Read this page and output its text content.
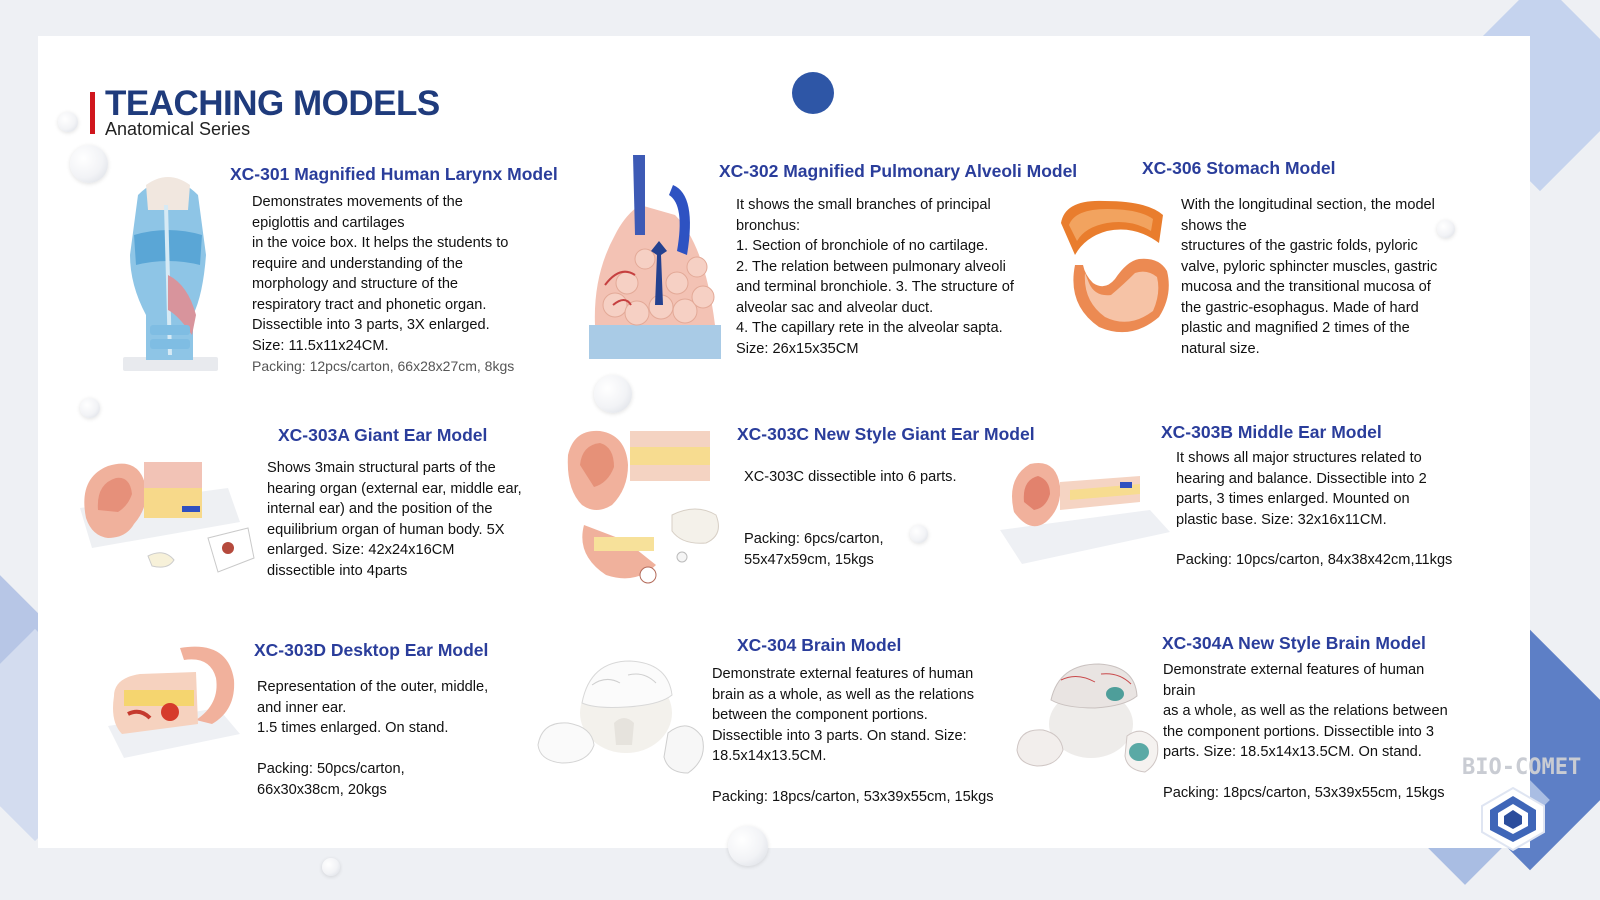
TEACHING MODELS
Anatomical Series
XC-301 Magnified Human Larynx Model
Demonstrates movements of the
epiglottis and cartilages
in the voice box. It helps the students to
require and understanding of the
morphology and structure of the
respiratory tract and phonetic organ.
Dissectible into 3 parts, 3X enlarged.
Size: 11.5x11x24CM.
Packing: 12pcs/carton, 66x28x27cm, 8kgs
XC-302 Magnified Pulmonary Alveoli Model
It shows the small branches of principal
bronchus:
1. Section of bronchiole of no cartilage.
2. The relation between pulmonary alveoli
and terminal bronchiole. 3. The structure of
alveolar sac and alveolar duct.
4. The capillary rete in the alveolar sapta.
Size: 26x15x35CM
XC-306 Stomach Model
With the longitudinal section, the model
shows the
structures of the gastric folds, pyloric
valve, pyloric sphincter muscles, gastric
mucosa and the transitional mucosa of
the gastric-esophagus. Made of hard
plastic and magnified 2 times of the
natural size.
XC-303A Giant Ear Model
Shows 3main structural parts of the
hearing organ (external ear, middle ear,
internal ear) and the position of the
equilibrium organ of human body. 5X
enlarged. Size: 42x24x16CM
dissectible into 4parts
XC-303C New Style Giant Ear Model
XC-303C dissectible into 6 parts.
Packing: 6pcs/carton,
55x47x59cm, 15kgs
XC-303B Middle Ear Model
It shows all major structures related to
hearing and balance. Dissectible into 2
parts, 3 times enlarged. Mounted on
plastic base. Size: 32x16x11CM.
Packing: 10pcs/carton, 84x38x42cm,11kgs
XC-303D Desktop Ear Model
Representation of the outer, middle,
and inner ear.
1.5 times enlarged. On stand.
Packing: 50pcs/carton,
66x30x38cm, 20kgs
XC-304 Brain Model
Demonstrate external features of human
brain as a whole, as well as the relations
between the component portions.
Dissectible into 3 parts. On stand. Size:
18.5x14x13.5CM.
Packing: 18pcs/carton, 53x39x55cm, 15kgs
XC-304A New Style Brain Model
Demonstrate external features of human
brain
as a whole, as well as the relations between
the component portions. Dissectible into 3
parts. Size: 18.5x14x13.5CM. On stand.
Packing: 18pcs/carton, 53x39x55cm, 15kgs
BIO-COMET
